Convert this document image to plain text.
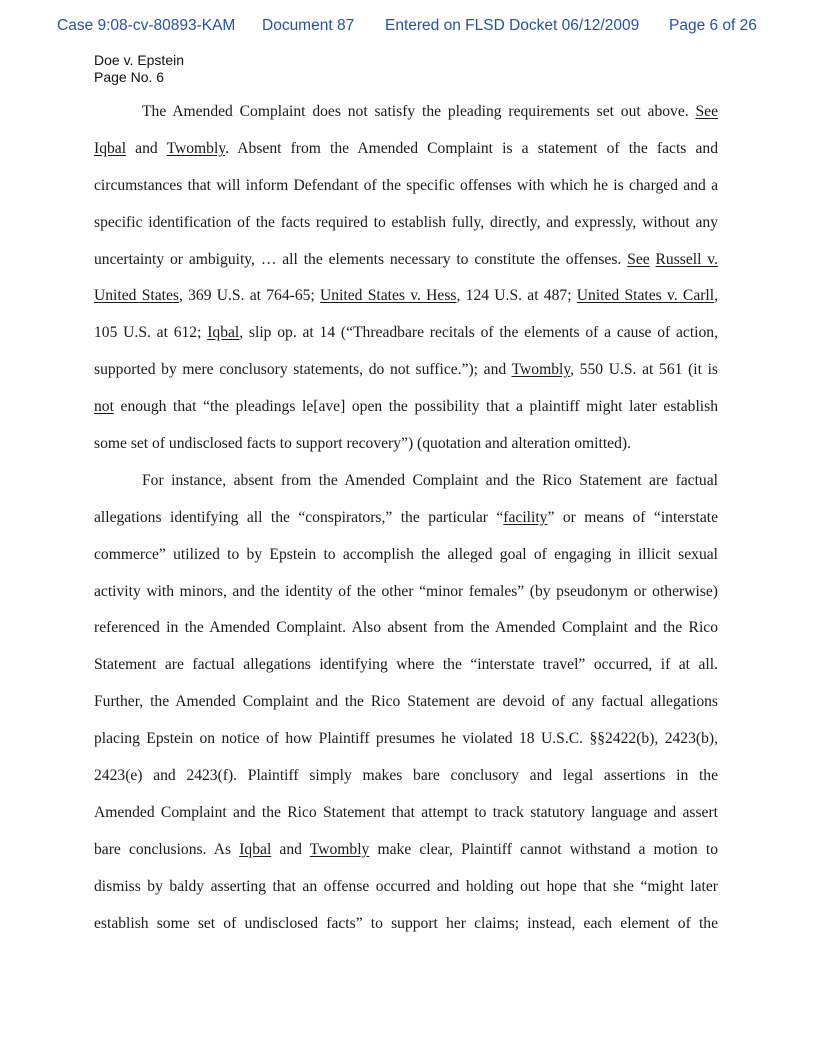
Case 9:08-cv-80893-KAM Document 87 Entered on FLSD Docket 06/12/2009 Page 6 of 26
Doe v. Epstein
Page No. 6
The Amended Complaint does not satisfy the pleading requirements set out above. See
Iqbal and Twombly. Absent from the Amended Complaint is a statement of the facts and
circumstances that will inform Defendant of the specific offenses with which he is charged and a
specific identification of the facts required to establish fully, directly, and expressly, without any
uncertainty or ambiguity, … all the elements necessary to constitute the offenses. See Russell v.
United States, 369 U.S. at 764-65; United States v. Hess, 124 U.S. at 487; United States v. Carll,
105 U.S. at 612; Iqbal, slip op. at 14 (“Threadbare recitals of the elements of a cause of action,
supported by mere conclusory statements, do not suffice.”); and Twombly, 550 U.S. at 561 (it is
not enough that “the pleadings le[ave] open the possibility that a plaintiff might later establish
some set of undisclosed facts to support recovery”) (quotation and alteration omitted).
For instance, absent from the Amended Complaint and the Rico Statement are factual
allegations identifying all the “conspirators,” the particular “facility” or means of “interstate
commerce” utilized to by Epstein to accomplish the alleged goal of engaging in illicit sexual
activity with minors, and the identity of the other “minor females” (by pseudonym or otherwise)
referenced in the Amended Complaint. Also absent from the Amended Complaint and the Rico
Statement are factual allegations identifying where the “interstate travel” occurred, if at all.
Further, the Amended Complaint and the Rico Statement are devoid of any factual allegations
placing Epstein on notice of how Plaintiff presumes he violated 18 U.S.C. §§2422(b), 2423(b),
2423(e) and 2423(f). Plaintiff simply makes bare conclusory and legal assertions in the
Amended Complaint and the Rico Statement that attempt to track statutory language and assert
bare conclusions. As Iqbal and Twombly make clear, Plaintiff cannot withstand a motion to
dismiss by baldy asserting that an offense occurred and holding out hope that she “might later
establish some set of undisclosed facts” to support her claims; instead, each element of the
